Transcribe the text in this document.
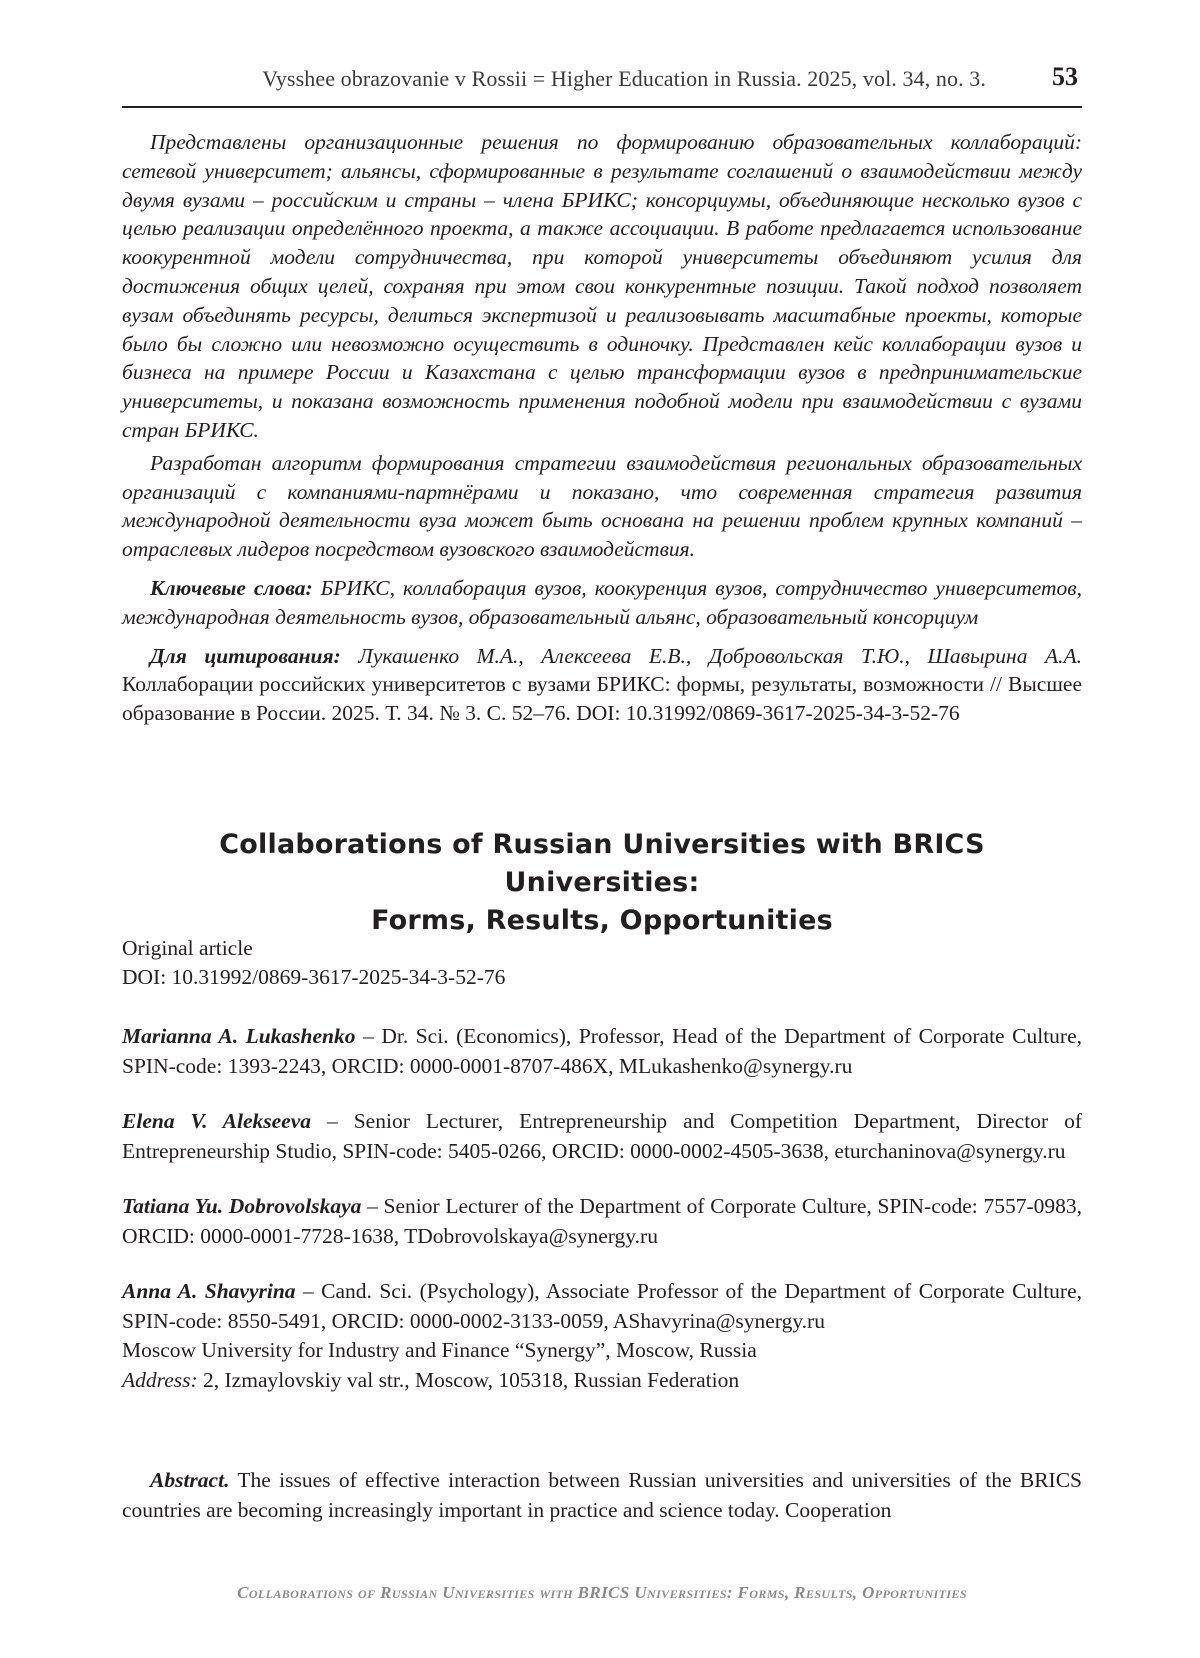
Vysshee obrazovanie v Rossii = Higher Education in Russia. 2025, vol. 34, no. 3.	53

Представлены организационные решения по формированию образовательных коллабораций: сетевой университет; альянсы, сформированные в результате соглашений о взаимодействии между двумя вузами – российским и страны – члена БРИКС; консорциумы, объединяющие несколько вузов с целью реализации определённого проекта, а также ассоциации. В работе предлагается использование коокурентной модели сотрудничества, при которой университеты объединяют усилия для достижения общих целей, сохраняя при этом свои конкурентные позиции. Такой подход позволяет вузам объединять ресурсы, делиться экспертизой и реализовывать масштабные проекты, которые было бы сложно или невозможно осуществить в одиночку. Представлен кейс коллаборации вузов и бизнеса на примере России и Казахстана с целью трансформации вузов в предпринимательские университеты, и показана возможность применения подобной модели при взаимодействии с вузами стран БРИКС.

Разработан алгоритм формирования стратегии взаимодействия региональных образовательных организаций с компаниями-партнёрами и показано, что современная стратегия развития международной деятельности вуза может быть основана на решении проблем крупных компаний – отраслевых лидеров посредством вузовского взаимодействия.

Ключевые слова: БРИКС, коллаборация вузов, коокуренция вузов, сотрудничество университетов, международная деятельность вузов, образовательный альянс, образовательный консорциум

Для цитирования: Лукашенко М.А., Алексеева Е.В., Добровольская Т.Ю., Шавырина А.А. Коллаборации российских университетов с вузами БРИКС: формы, результаты, возможности // Высшее образование в России. 2025. Т. 34. № 3. С. 52–76. DOI: 10.31992/0869-3617-2025-34-3-52-76

Collaborations of Russian Universities with BRICS Universities:
Forms, Results, Opportunities
Original article
DOI: 10.31992/0869-3617-2025-34-3-52-76

Marianna A. Lukashenko – Dr. Sci. (Economics), Professor, Head of the Department of Corporate Culture, SPIN-code: 1393-2243, ORCID: 0000-0001-8707-486X, MLukashenko@synergy.ru

Elena V. Alekseeva – Senior Lecturer, Entrepreneurship and Competition Department, Director of Entrepreneurship Studio, SPIN-code: 5405-0266, ORCID: 0000-0002-4505-3638, eturchaninova@synergy.ru

Tatiana Yu. Dobrovolskaya – Senior Lecturer of the Department of Corporate Culture, SPIN-code: 7557-0983, ORCID: 0000-0001-7728-1638, TDobrovolskaya@synergy.ru

Anna A. Shavyrina – Cand. Sci. (Psychology), Associate Professor of the Department of Corporate Culture, SPIN-code: 8550-5491, ORCID: 0000-0002-3133-0059, AShavyrina@synergy.ru

Moscow University for Industry and Finance “Synergy”, Moscow, Russia

Address: 2, Izmaylovskiy val str., Moscow, 105318, Russian Federation

Abstract. The issues of effective interaction between Russian universities and universities of the BRICS countries are becoming increasingly important in practice and science today. Cooperation
Collaborations of Russian Universities with BRICS Universities: Forms, Results, Opportunities
